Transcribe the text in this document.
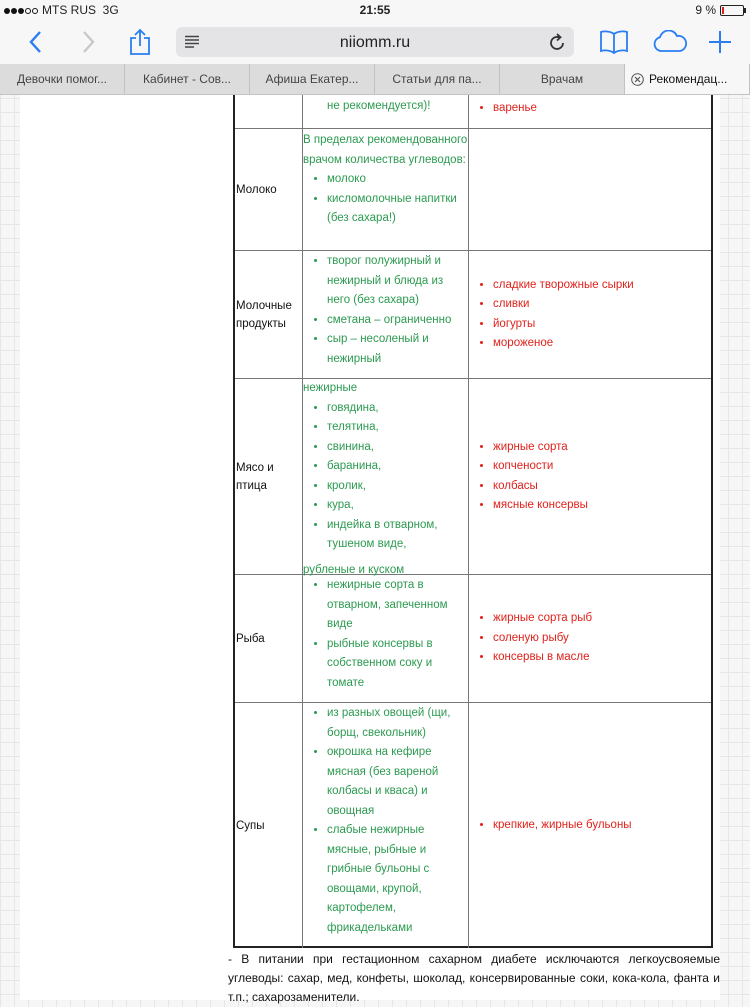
MTS RUS 3G	21:55	9 %
niiomm.ru
Девочки помог...	Кабинет - Сов...	Афиша Екатер...	Статьи для па...	Врачам	Рекомендац...
не рекомендуется)!
•	варенье
Молоко
В пределах рекомендованного врачом количества углеводов:
• молоко
• кисломолочные напитки (без сахара!)
Молочные продукты
• творог полужирный и нежирный и блюда из него (без сахара)
• сметана – ограниченно
• сыр – несоленый и нежирный
• сладкие творожные сырки
• сливки
• йогурты
• мороженое
Мясо и птица
нежирные
• говядина,
• телятина,
• свинина,
• баранина,
• кролик,
• кура,
• индейка в отварном, тушеном виде,
рубленые и куском
• жирные сорта
• копчености
• колбасы
• мясные консервы
Рыба
• нежирные сорта в отварном, запеченном виде
• рыбные консервы в собственном соку и томате
• жирные сорта рыб
• соленую рыбу
• консервы в масле
Супы
• из разных овощей (щи, борщ, свекольник)
• окрошка на кефире мясная (без вареной колбасы и кваса) и овощная
• слабые нежирные мясные, рыбные и грибные бульоны с овощами, крупой, картофелем, фрикадельками
• крепкие, жирные бульоны
- В питании при гестационном сахарном диабете исключаются легкоусвояемые углеводы: сахар, мед, конфеты, шоколад, консервированные соки, кока-кола, фанта и т.п.; сахарозаменители.
